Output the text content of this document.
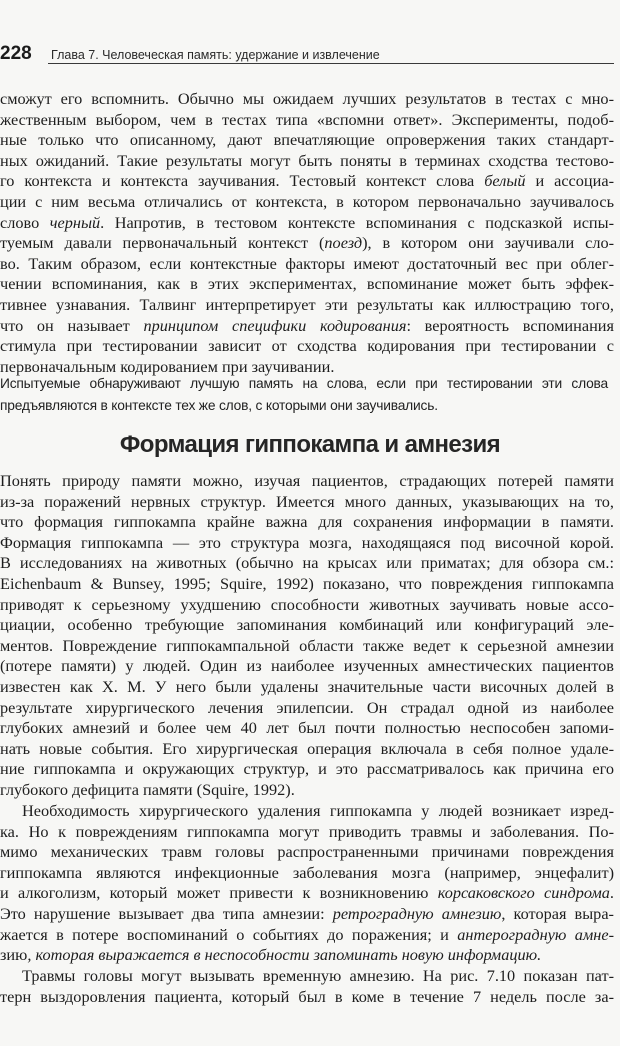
228 Глава 7. Человеческая память: удержание и извлечение
сможут его вспомнить. Обычно мы ожидаем лучших результатов в тестах с мно-
жественным выбором, чем в тестах типа «вспомни ответ». Эксперименты, подоб-
ные только что описанному, дают впечатляющие опровержения таких стандарт-
ных ожиданий. Такие результаты могут быть поняты в терминах сходства тестово-
го контекста и контекста заучивания. Тестовый контекст слова белый и ассоциа-
ции с ним весьма отличались от контекста, в котором первоначально заучивалось
слово черный. Напротив, в тестовом контексте вспоминания с подсказкой испы-
туемым давали первоначальный контекст (поезд), в котором они заучивали сло-
во. Таким образом, если контекстные факторы имеют достаточный вес при облег-
чении вспоминания, как в этих экспериментах, вспоминание может быть эффек-
тивнее узнавания. Талвинг интерпретирует эти результаты как иллюстрацию того,
что он называет принципом специфики кодирования: вероятность вспоминания
стимула при тестировании зависит от сходства кодирования при тестировании с
первоначальным кодированием при заучивании.
Испытуемые обнаруживают лучшую память на слова, если при тестировании эти слова
предъявляются в контексте тех же слов, с которыми они заучивались.
Формация гиппокампа и амнезия
Понять природу памяти можно, изучая пациентов, страдающих потерей памяти
из-за поражений нервных структур. Имеется много данных, указывающих на то,
что формация гиппокампа крайне важна для сохранения информации в памяти.
Формация гиппокампа — это структура мозга, находящаяся под височной корой.
В исследованиях на животных (обычно на крысах или приматах; для обзора см.:
Eichenbaum & Bunsey, 1995; Squire, 1992) показано, что повреждения гиппокампа
приводят к серьезному ухудшению способности животных заучивать новые ассо-
циации, особенно требующие запоминания комбинаций или конфигураций эле-
ментов. Повреждение гиппокампальной области также ведет к серьезной амнезии
(потере памяти) у людей. Один из наиболее изученных амнестических пациентов
известен как Х. М. У него были удалены значительные части височных долей в
результате хирургического лечения эпилепсии. Он страдал одной из наиболее
глубоких амнезий и более чем 40 лет был почти полностью неспособен запоми-
нать новые события. Его хирургическая операция включала в себя полное удале-
ние гиппокампа и окружающих структур, и это рассматривалось как причина его
глубокого дефицита памяти (Squire, 1992).
Необходимость хирургического удаления гиппокампа у людей возникает изред-
ка. Но к повреждениям гиппокампа могут приводить травмы и заболевания. По-
мимо механических травм головы распространенными причинами повреждения
гиппокампа являются инфекционные заболевания мозга (например, энцефалит)
и алкоголизм, который может привести к возникновению корсаковского синдрома.
Это нарушение вызывает два типа амнезии: ретроградную амнезию, которая выра-
жается в потере воспоминаний о событиях до поражения; и антероградную амне-
зию, которая выражается в неспособности запоминать новую информацию.
Травмы головы могут вызывать временную амнезию. На рис. 7.10 показан пат-
терн выздоровления пациента, который был в коме в течение 7 недель после за-
